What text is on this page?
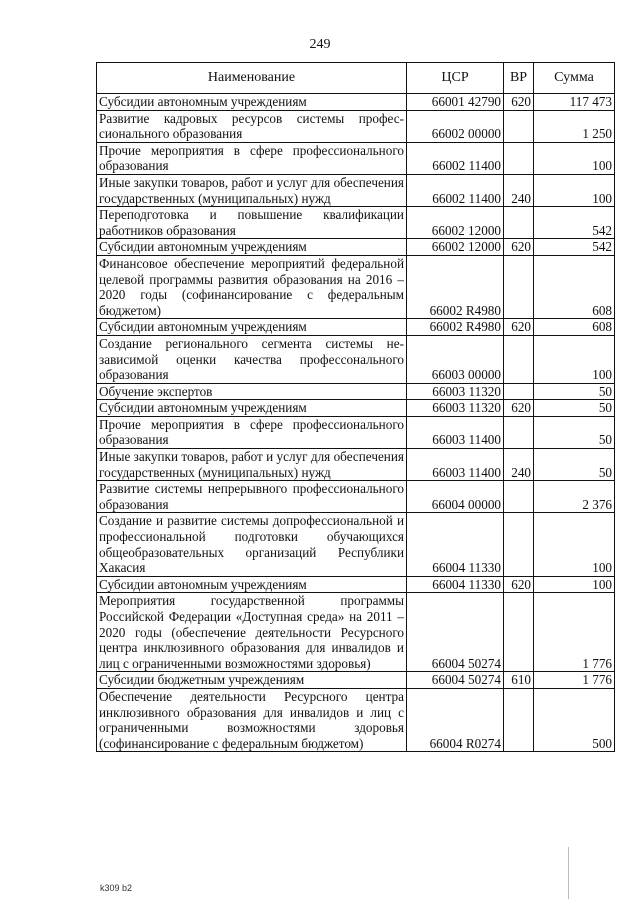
249
Наименование	ЦСР	ВР	Сумма
Субсидии автономным учреждениям	66001 42790	620	117 473
Развитие кадровых ресурсов системы профессионального образования	66002 00000		1 250
Прочие мероприятия в сфере профессионального образования	66002 11400		100
Иные закупки товаров, работ и услуг для обеспечения государственных (муниципальных) нужд	66002 11400	240	100
Переподготовка и повышение квалификации работников образования	66002 12000		542
Субсидии автономным учреждениям	66002 12000	620	542
Финансовое обеспечение мероприятий федеральной целевой программы развития образования на 2016 – 2020 годы (софинансирование с федеральным бюджетом)	66002 R4980		608
Субсидии автономным учреждениям	66002 R4980	620	608
Создание регионального сегмента системы независимой оценки качества профессонального образования	66003 00000		100
Обучение экспертов	66003 11320		50
Субсидии автономным учреждениям	66003 11320	620	50
Прочие мероприятия в сфере профессионального образования	66003 11400		50
Иные закупки товаров, работ и услуг для обеспечения государственных (муниципальных) нужд	66003 11400	240	50
Развитие системы непрерывного профессионального образования	66004 00000		2 376
Создание и развитие системы допрофессиональной и профессиональной подготовки обучающихся общеобразовательных организаций Республики Хакасия	66004 11330		100
Субсидии автономным учреждениям	66004 11330	620	100
Мероприятия государственной программы Российской Федерации «Доступная среда» на 2011 – 2020 годы (обеспечение деятельности Ресурсного центра инклюзивного образования для инвалидов и лиц с ограниченными возможностями здоровья)	66004 50274		1 776
Субсидии бюджетным учреждениям	66004 50274	610	1 776
Обеспечение деятельности Ресурсного центра инклюзивного образования для инвалидов и лиц с ограниченными возможностями здоровья (софинансирование с федеральным бюджетом)	66004 R0274		500
k309 b2
